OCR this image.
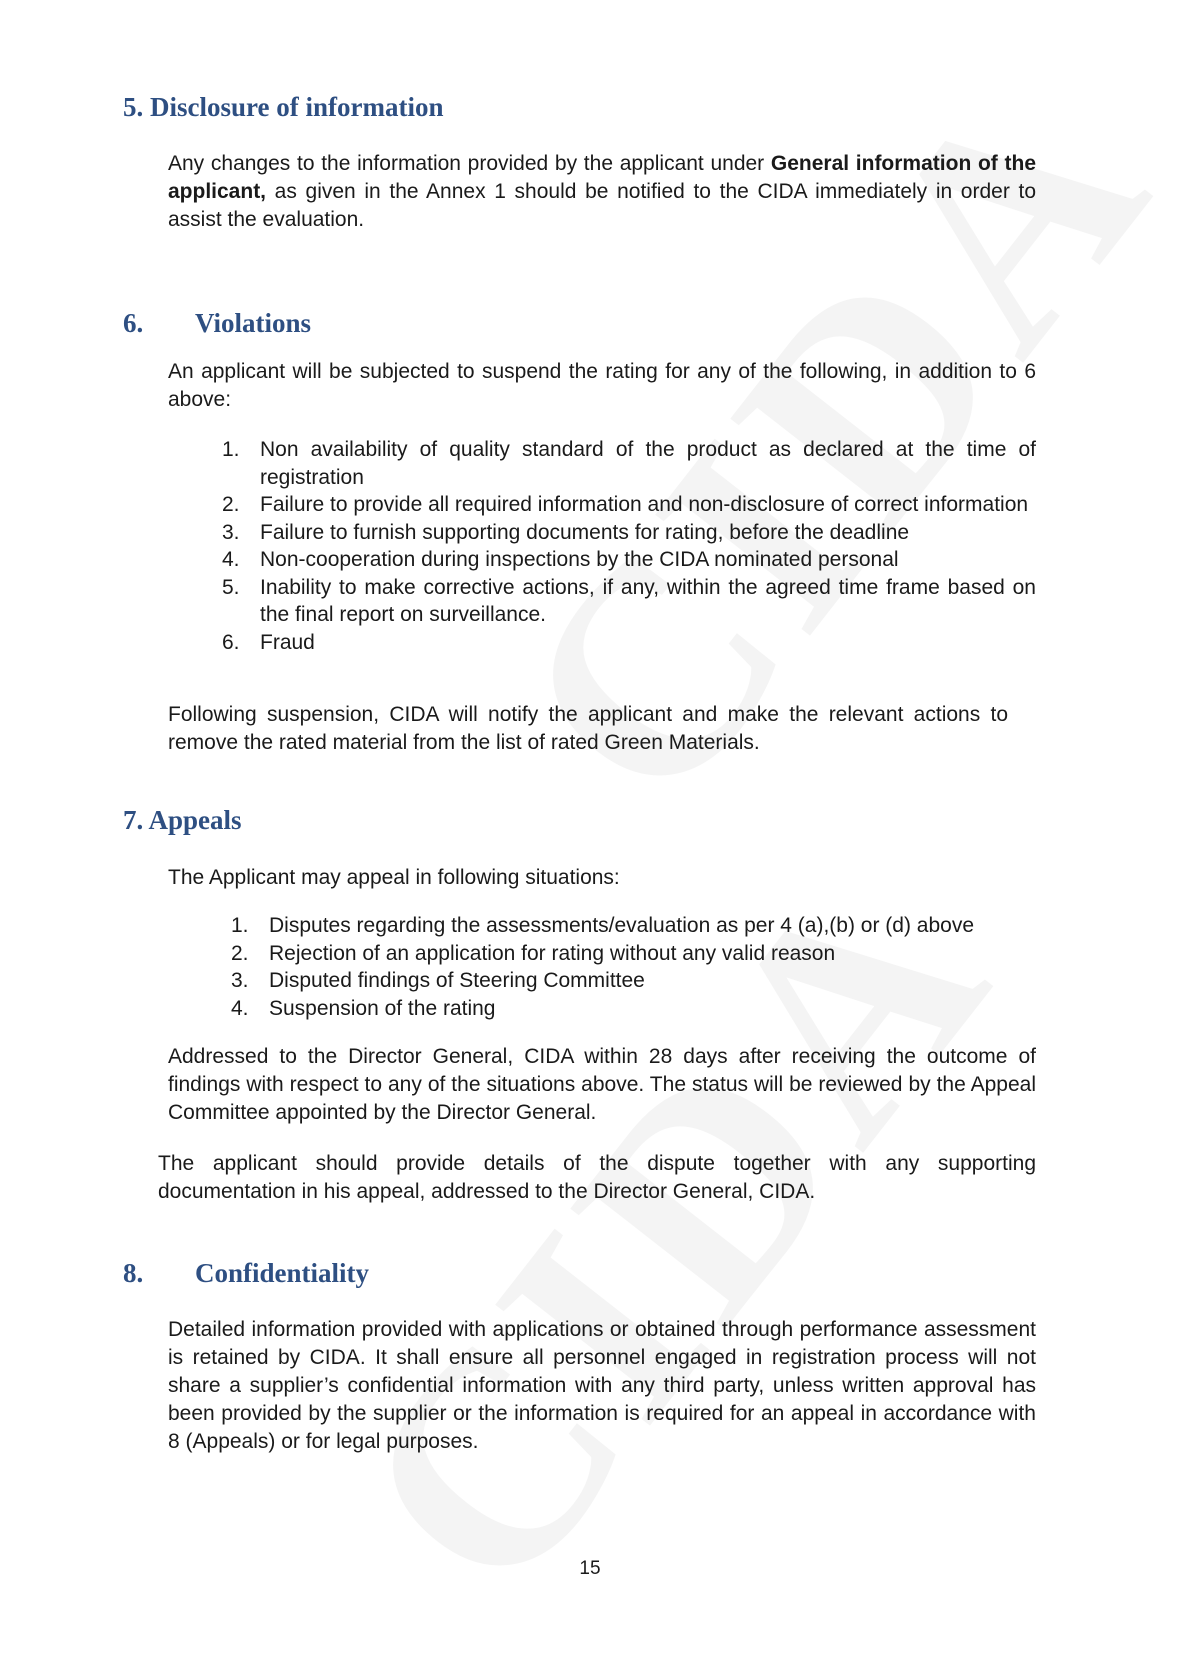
5. Disclosure of information

Any changes to the information provided by the applicant under General information of the applicant, as given in the Annex 1 should be notified to the CIDA immediately in order to assist the evaluation.

6. Violations

An applicant will be subjected to suspend the rating for any of the following, in addition to 6 above:

1. Non availability of quality standard of the product as declared at the time of registration
2. Failure to provide all required information and non-disclosure of correct information
3. Failure to furnish supporting documents for rating, before the deadline
4. Non-cooperation during inspections by the CIDA nominated personal
5. Inability to make corrective actions, if any, within the agreed time frame based on the final report on surveillance.
6. Fraud

Following suspension, CIDA will notify the applicant and make the relevant actions to remove the rated material from the list of rated Green Materials.

7. Appeals

The Applicant may appeal in following situations:

1. Disputes regarding the assessments/evaluation as per 4 (a),(b) or (d) above
2. Rejection of an application for rating without any valid reason
3. Disputed findings of Steering Committee
4. Suspension of the rating

Addressed to the Director General, CIDA within 28 days after receiving the outcome of findings with respect to any of the situations above. The status will be reviewed by the Appeal Committee appointed by the Director General.

The applicant should provide details of the dispute together with any supporting documentation in his appeal, addressed to the Director General, CIDA.

8. Confidentiality

Detailed information provided with applications or obtained through performance assessment is retained by CIDA. It shall ensure all personnel engaged in registration process will not share a supplier’s confidential information with any third party, unless written approval has been provided by the supplier or the information is required for an appeal in accordance with 8 (Appeals) or for legal purposes.

15
